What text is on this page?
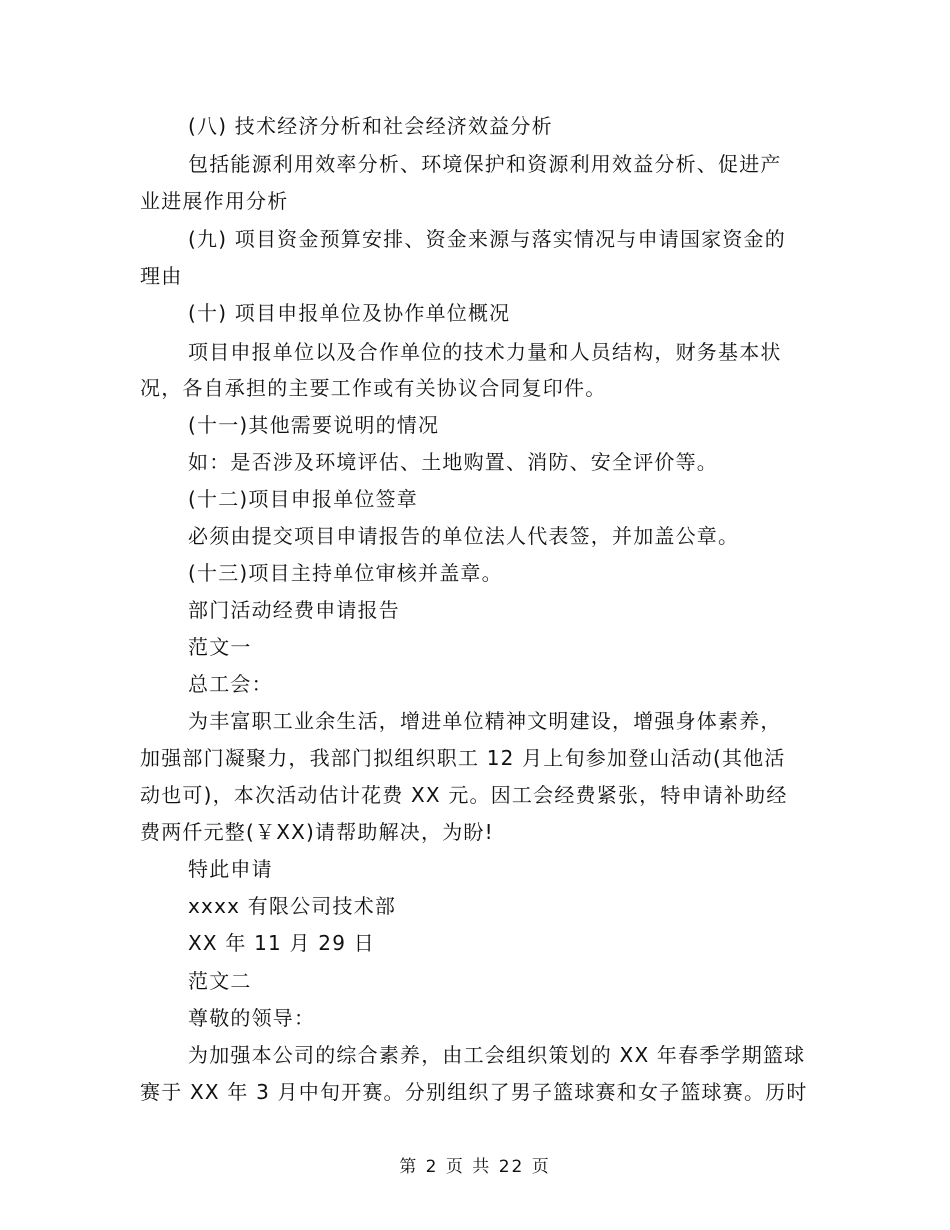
(八) 技术经济分析和社会经济效益分析
包括能源利用效率分析、环境保护和资源利用效益分析、促进产
业进展作用分析
(九) 项目资金预算安排、资金来源与落实情况与申请国家资金的
理由
(十) 项目申报单位及协作单位概况
项目申报单位以及合作单位的技术力量和人员结构，财务基本状
况，各自承担的主要工作或有关协议合同复印件。
(十一)其他需要说明的情况
如：是否涉及环境评估、土地购置、消防、安全评价等。
(十二)项目申报单位签章
必须由提交项目申请报告的单位法人代表签，并加盖公章。
(十三)项目主持单位审核并盖章。
部门活动经费申请报告
范文一
总工会：
为丰富职工业余生活，增进单位精神文明建设，增强身体素养，
加强部门凝聚力，我部门拟组织职工 12 月上旬参加登山活动(其他活
动也可)，本次活动估计花费 XX 元。因工会经费紧张，特申请补助经
费两仟元整(￥XX)请帮助解决，为盼!
特此申请
xxxx 有限公司技术部
XX 年 11 月 29 日
范文二
尊敬的领导：
为加强本公司的综合素养，由工会组织策划的 XX 年春季学期篮球
赛于 XX 年 3 月中旬开赛。分别组织了男子篮球赛和女子篮球赛。历时
第 2 页 共 22 页
